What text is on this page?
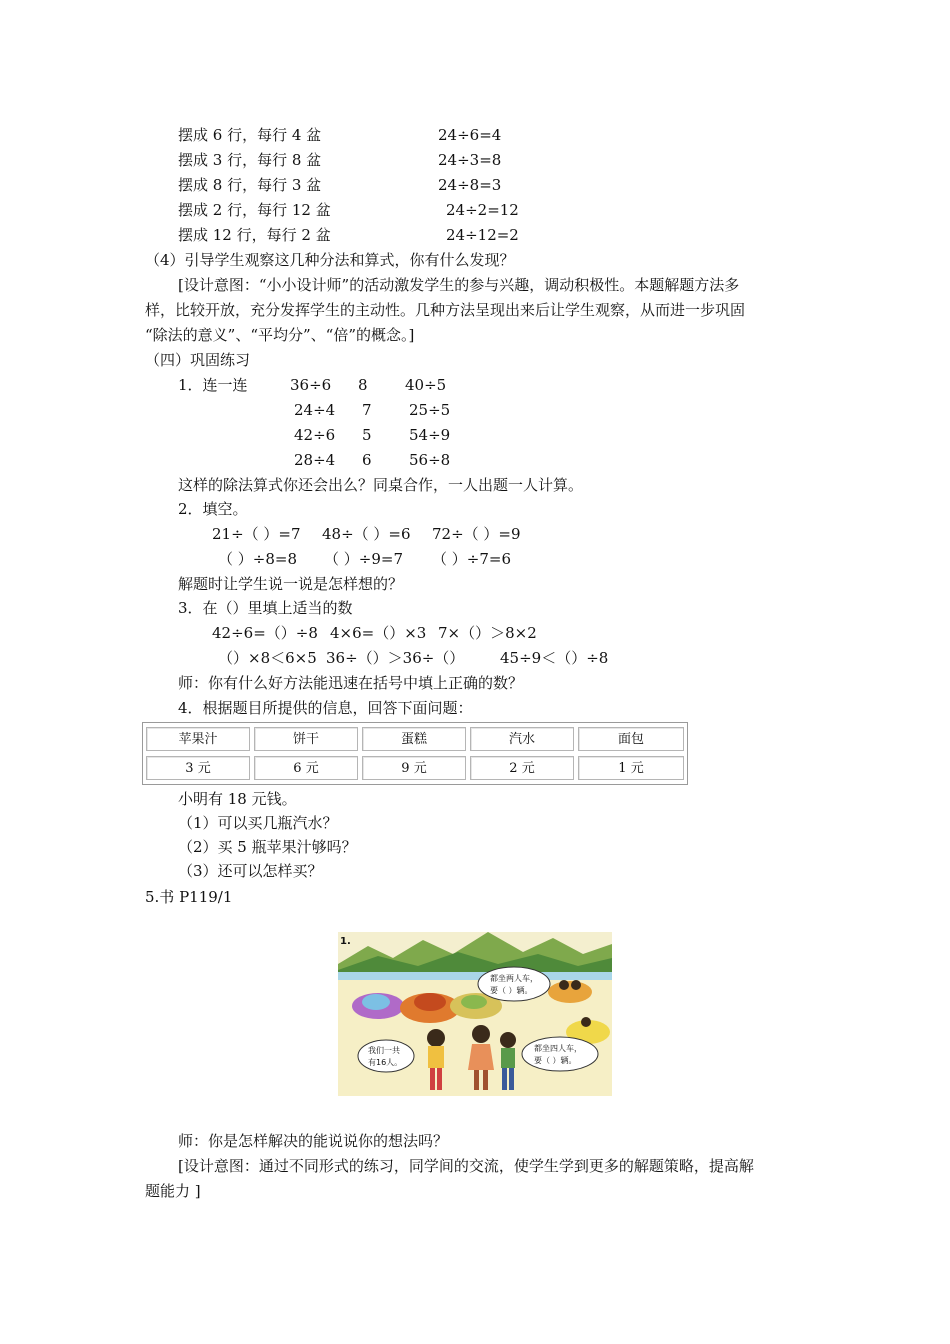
摆成 6 行，每行 4 盆	24÷6=4
摆成 3 行，每行 8 盆	24÷3=8
摆成 8 行，每行 3 盆	24÷8=3
摆成 2 行，每行 12 盆	24÷2=12
摆成 12 行，每行 2 盆	24÷12=2
（4）引导学生观察这几种分法和算式，你有什么发现？
[设计意图：“小小设计师”的活动激发学生的参与兴趣，调动积极性。本题解题方法多
样，比较开放，充分发挥学生的主动性。几种方法呈现出来后让学生观察，从而进一步巩固
“除法的意义”、“平均分”、“倍”的概念。]
（四）巩固练习
1．连一连	36÷6 8 40÷5
24÷4 7 25÷5
42÷6 5 54÷9
28÷4 6 56÷8
这样的除法算式你还会出么？同桌合作，一人出题一人计算。
2．填空。
21÷（ ）=7 48÷（ ）=6 72÷（ ）=9
（ ）÷8=8 （ ）÷9=7 （ ）÷7=6
解题时让学生说一说是怎样想的？
3．在（）里填上适当的数
42÷6=（）÷8 4×6=（）×3 7×（）＞8×2
（）×8＜6×5 36÷（）＞36÷（） 45÷9＜（）÷8
师：你有什么好方法能迅速在括号中填上正确的数？
4．根据题目所提供的信息，回答下面问题：
苹果汁	饼干	蛋糕	汽水	面包
3 元	6 元	9 元	2 元	1 元
小明有 18 元钱。
（1）可以买几瓶汽水？
（2）买 5 瓶苹果汁够吗？
（3）还可以怎样买？
5.书 P119/1
1.
都坐两人车，
要（ ）辆。
我们一共
有16人。
都坐四人车，
要（ ）辆。
师：你是怎样解决的能说说你的想法吗？
[设计意图：通过不同形式的练习，同学间的交流，使学生学到更多的解题策略，提高解
题能力 ]
